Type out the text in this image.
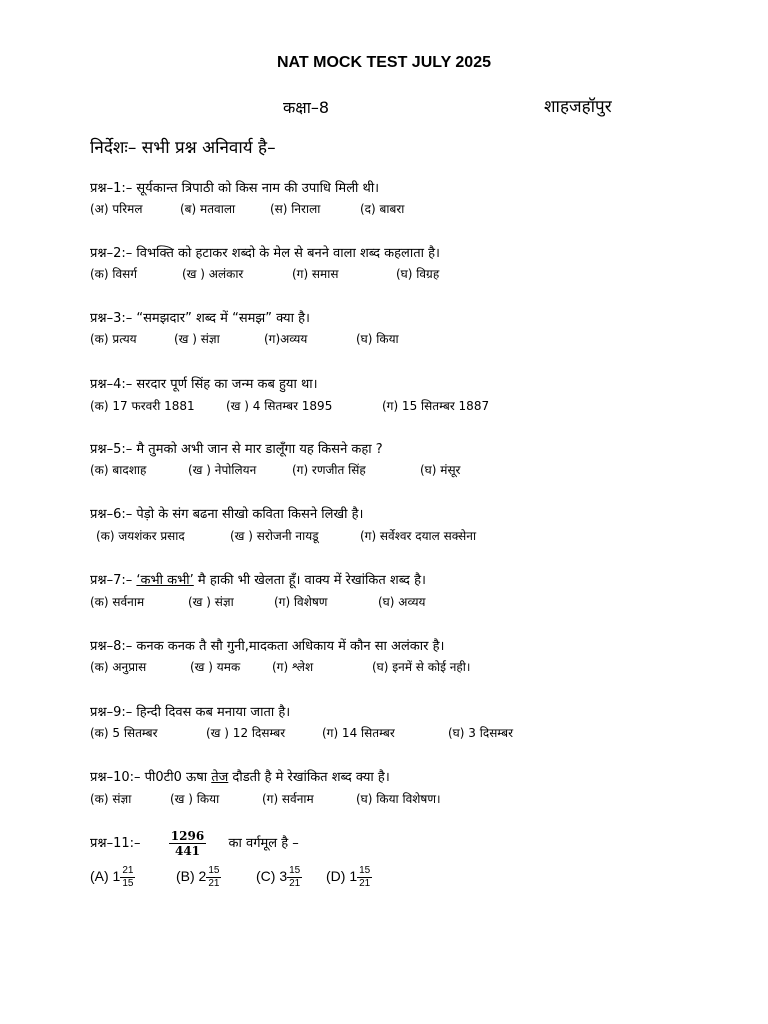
NAT MOCK TEST JULY 2025
कक्षा–8	शाहजहॉपुर
निर्देशः– सभी प्रश्न अनिवार्य है–
प्रश्न–1:– सूर्यकान्त त्रिपाठी को किस नाम की उपाधि मिली थी।
(अ) परिमल	(ब) मतवाला	(स) निराला	(द) बाबरा
प्रश्न–2:– विभक्ति को हटाकर शब्दो के मेल से बनने वाला शब्द कहलाता है।
(क) विसर्ग	(ख ) अलंकार	(ग) समास	(घ) विग्रह
प्रश्न–3:– “समझदार” शब्द में “समझ” क्या है।
(क) प्रत्यय	(ख ) संज्ञा	(ग)अव्यय	(घ) किया
प्रश्न–4:– सरदार पूर्ण सिंह का जन्म कब हुया था।
(क) 17 फरवरी 1881	(ख ) 4 सितम्बर 1895	(ग) 15 सितम्बर 1887
प्रश्न–5:– मै तुमको अभी जान से मार डालूँगा यह किसने कहा ?
(क) बादशाह	(ख ) नेपोलियन	(ग) रणजीत सिंह	(घ) मंसूर
प्रश्न–6:– पेड़ो के संग बढना सीखो कविता किसने लिखी है।
(क) जयशंकर प्रसाद	(ख ) सरोजनी नायडू	(ग) सर्वेश्वर दयाल सक्सेना
प्रश्न–7:– ‘कभी कभी’ मै हाकी भी खेलता हूँ। वाक्य में रेखांकित शब्द है।
(क) सर्वनाम	(ख ) संज्ञा	(ग) विशेषण	(घ) अव्यय
प्रश्न–8:– कनक कनक तै सौ गुनी,मादकता अधिकाय में कौन सा अलंकार है।
(क) अनुप्रास	(ख ) यमक	(ग) श्लेश	(घ) इनमें से कोई नही।
प्रश्न–9:– हिन्दी दिवस कब मनाया जाता है।
(क) 5 सितम्बर	(ख ) 12 दिसम्बर	(ग) 14 सितम्बर	(घ) 3 दिसम्बर
प्रश्न–10:– पी0टी0 ऊषा तेज दौडती है मे रेखांकित शब्द क्या है।
(क) संज्ञा	(ख ) किया	(ग) सर्वनाम	(घ) किया विशेषण।
प्रश्न–11:– $\frac{1296}{441}$ का वर्गमूल है –
(A) $1 \frac{21}{15}$	(B) $2 \frac{15}{21} (C)$ $3 \frac{15}{21} (D)$ $1 \frac{15}{21}$
